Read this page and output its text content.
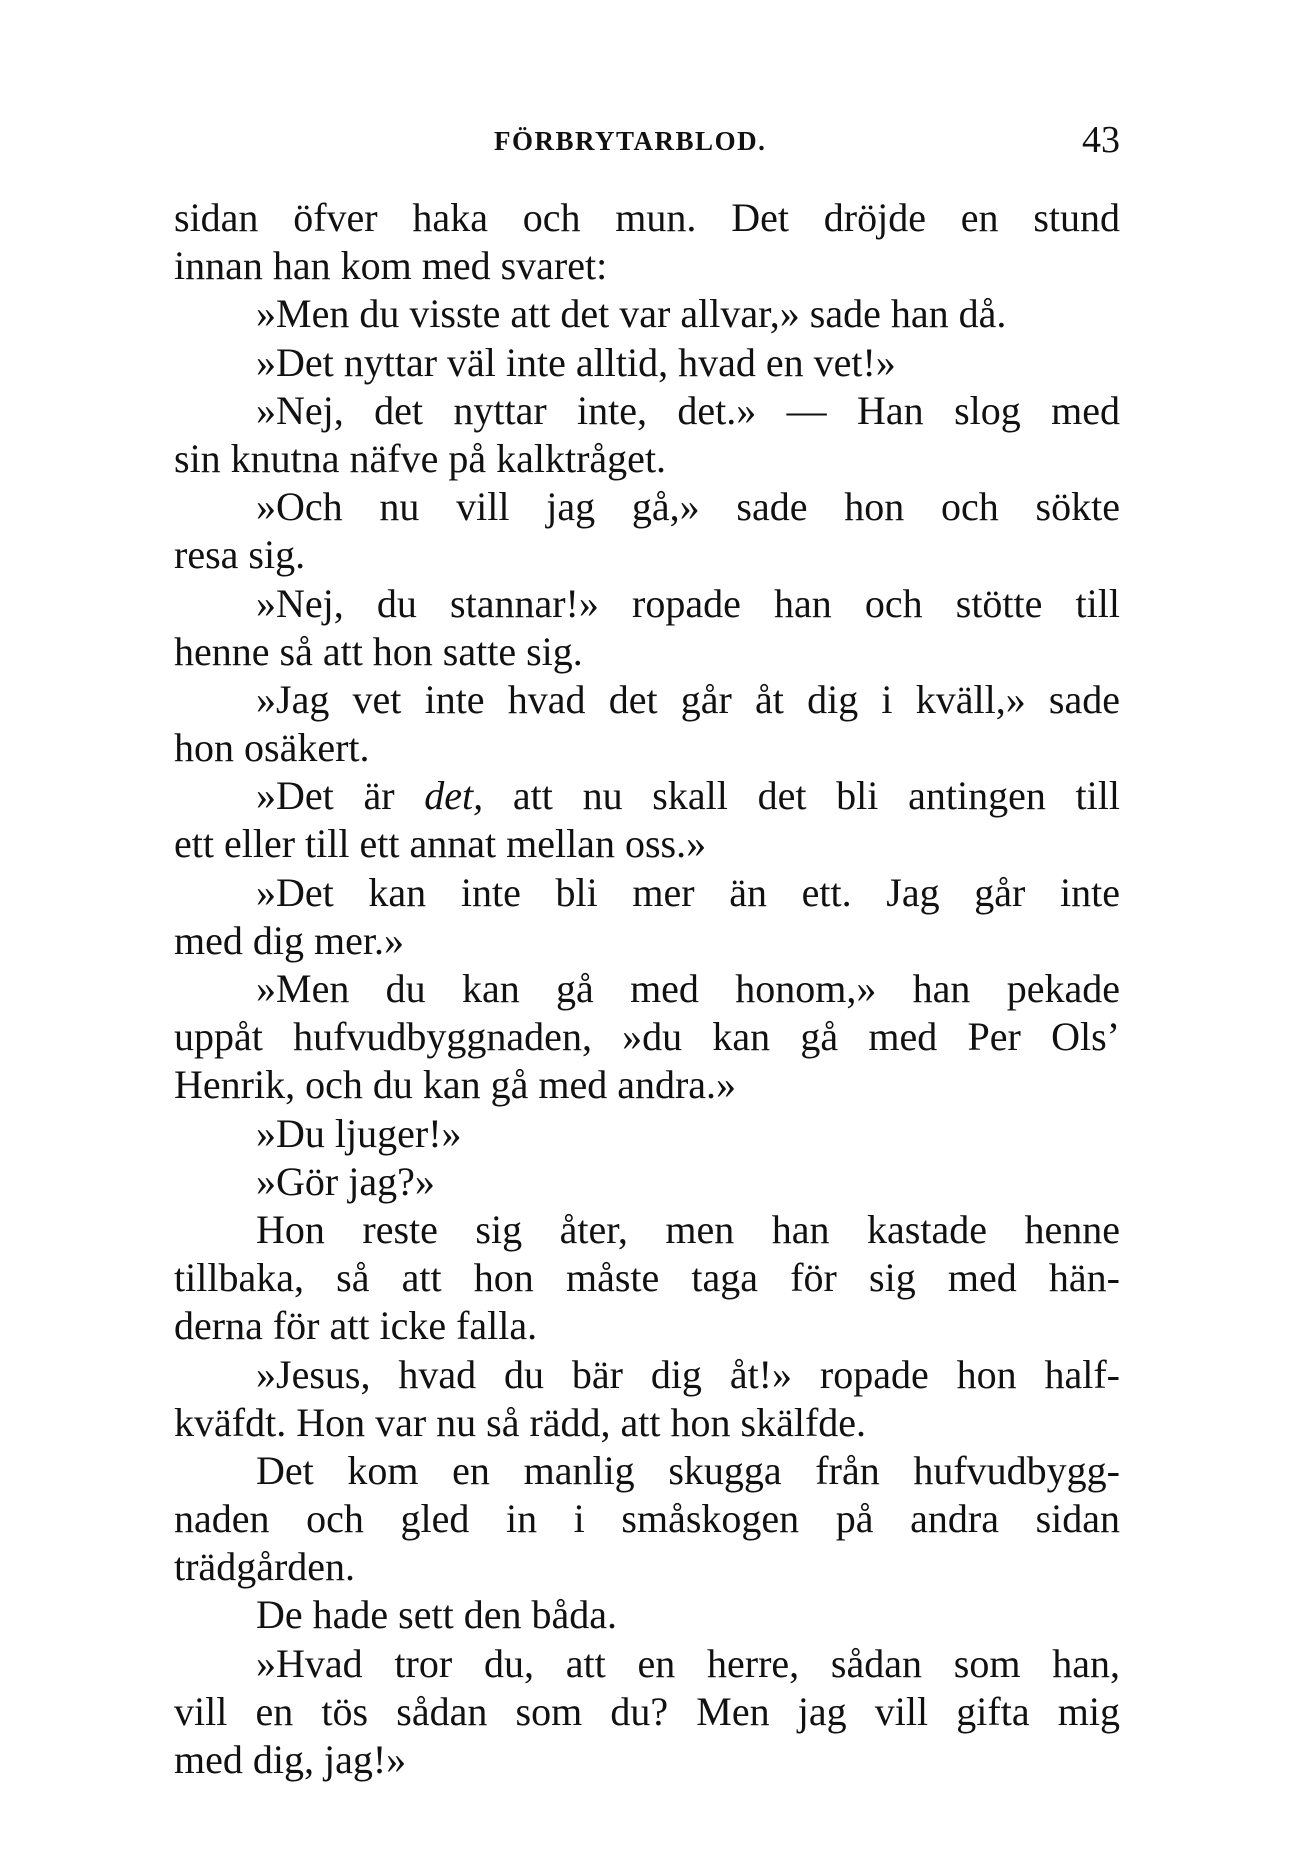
FÖRBRYTARBLOD.	43
sidan öfver haka och mun. Det dröjde en stund
innan han kom med svaret:
»Men du visste att det var allvar,» sade han då.
»Det nyttar väl inte alltid, hvad en vet!»
»Nej, det nyttar inte, det.» — Han slog med
sin knutna näfve på kalktråget.
»Och nu vill jag gå,» sade hon och sökte
resa sig.
»Nej, du stannar!» ropade han och stötte till
henne så att hon satte sig.
»Jag vet inte hvad det går åt dig i kväll,» sade
hon osäkert.
»Det är det, att nu skall det bli antingen till
ett eller till ett annat mellan oss.»
»Det kan inte bli mer än ett. Jag går inte
med dig mer.»
»Men du kan gå med honom,» han pekade
uppåt hufvudbyggnaden, »du kan gå med Per Ols’
Henrik, och du kan gå med andra.»
»Du ljuger!»
»Gör jag?»
Hon reste sig åter, men han kastade henne
tillbaka, så att hon måste taga för sig med hän-
derna för att icke falla.
»Jesus, hvad du bär dig åt!» ropade hon half-
kväfdt. Hon var nu så rädd, att hon skälfde.
Det kom en manlig skugga från hufvudbygg-
naden och gled in i småskogen på andra sidan
trädgården.
De hade sett den båda.
»Hvad tror du, att en herre, sådan som han,
vill en tös sådan som du? Men jag vill gifta mig
med dig, jag!»
